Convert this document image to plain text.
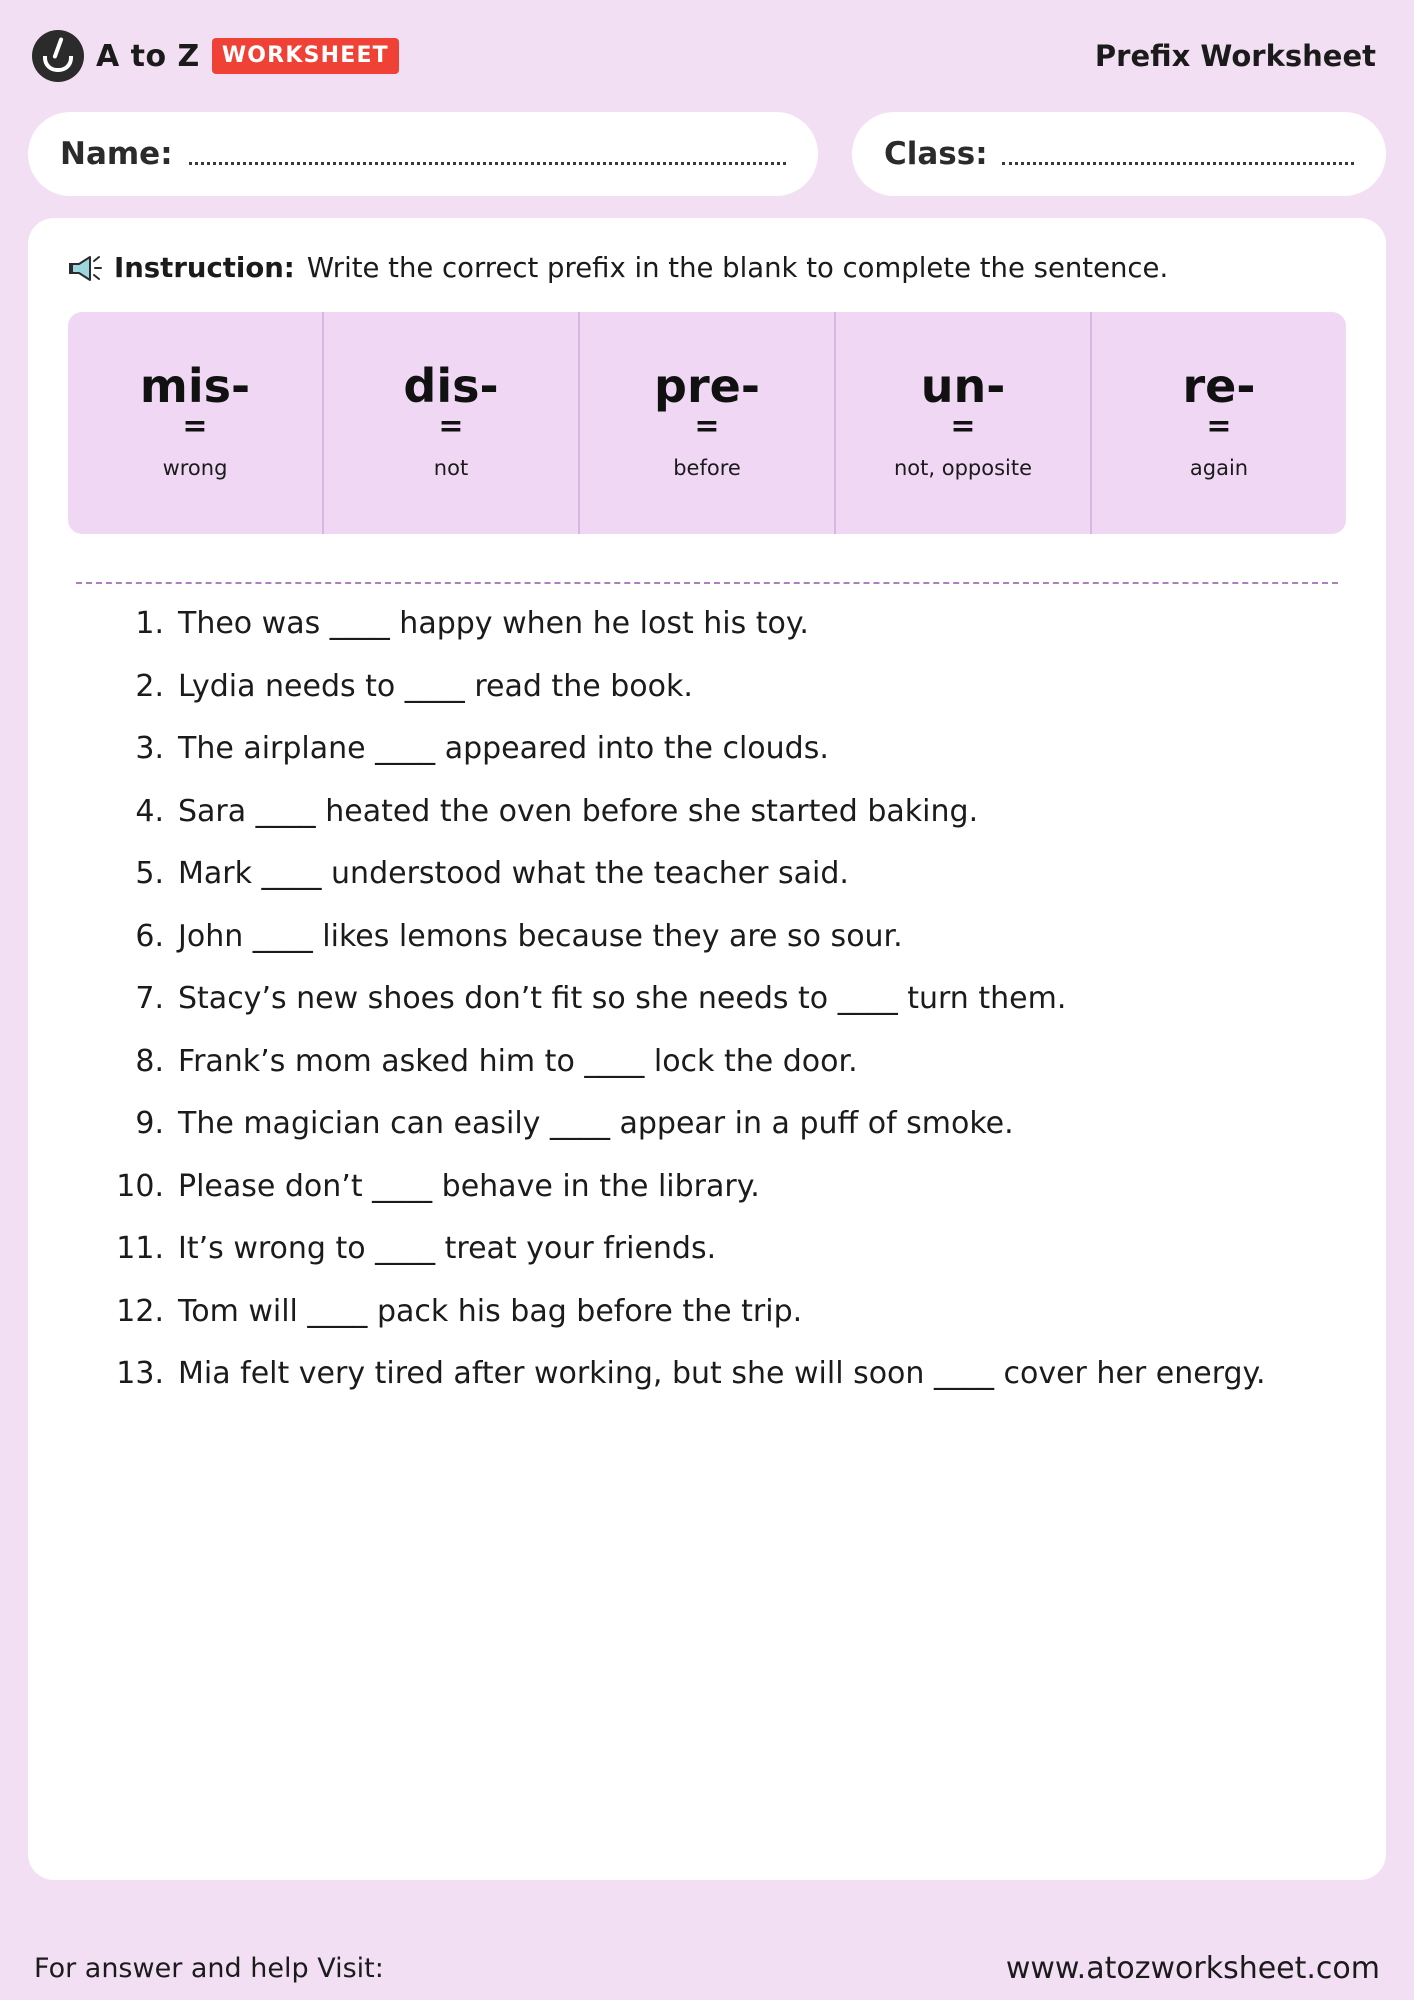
A to Z	WORKSHEET	Prefix Worksheet
Name:	Class:
Instruction: Write the correct prefix in the blank to complete the sentence.
mis-
=
wrong
dis-
=
not
pre-
=
before
un-
=
not, opposite
re-
=
again
1. Theo was ____ happy when he lost his toy.
2. Lydia needs to ____ read the book.
3. The airplane ____ appeared into the clouds.
4. Sara ____ heated the oven before she started baking.
5. Mark ____ understood what the teacher said.
6. John ____ likes lemons because they are so sour.
7. Stacy’s new shoes don’t fit so she needs to ____ turn them.
8. Frank’s mom asked him to ____ lock the door.
9. The magician can easily ____ appear in a puff of smoke.
10. Please don’t ____ behave in the library.
11. It’s wrong to ____ treat your friends.
12. Tom will ____ pack his bag before the trip.
13. Mia felt very tired after working, but she will soon ____ cover her energy.
For answer and help Visit:	www.atozworksheet.com
